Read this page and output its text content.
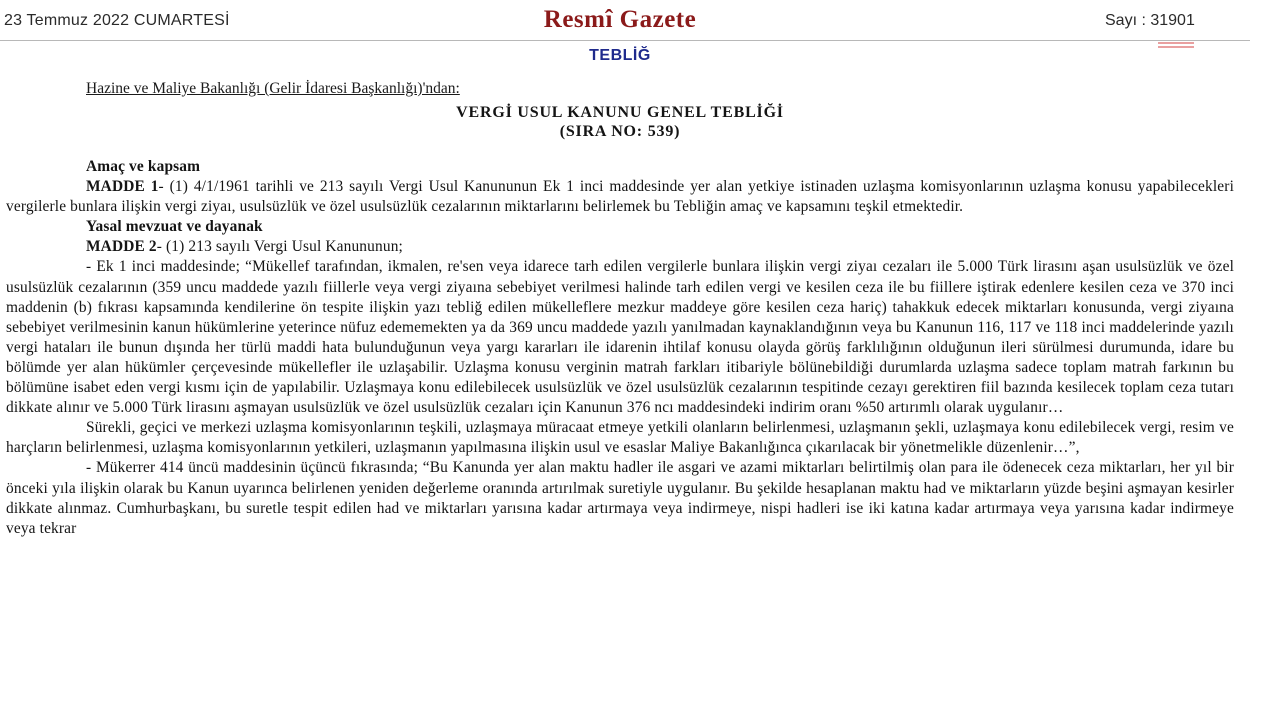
23 Temmuz 2022 CUMARTESİ	Resmî Gazete	Sayı : 31901
TEBLİĞ
Hazine ve Maliye Bakanlığı (Gelir İdaresi Başkanlığı)'ndan:
VERGİ USUL KANUNU GENEL TEBLİĞİ
(SIRA NO: 539)

Amaç ve kapsam

MADDE 1- (1) 4/1/1961 tarihli ve 213 sayılı Vergi Usul Kanununun Ek 1 inci maddesinde yer alan yetkiye istinaden uzlaşma komisyonlarının uzlaşma konusu yapabilecekleri vergilerle bunlara ilişkin vergi ziyaı, usulsüzlük ve özel usulsüzlük cezalarının miktarlarını belirlemek bu Tebliğin amaç ve kapsamını teşkil etmektedir.

Yasal mevzuat ve dayanak

MADDE 2- (1) 213 sayılı Vergi Usul Kanununun;

- Ek 1 inci maddesinde; “Mükellef tarafından, ikmalen, re'sen veya idarece tarh edilen vergilerle bunlara ilişkin vergi ziyaı cezaları ile 5.000 Türk lirasını aşan usulsüzlük ve özel usulsüzlük cezalarının (359 uncu maddede yazılı fiillerle veya vergi ziyaına sebebiyet verilmesi halinde tarh edilen vergi ve kesilen ceza ile bu fiillere iştirak edenlere kesilen ceza ve 370 inci maddenin (b) fıkrası kapsamında kendilerine ön tespite ilişkin yazı tebliğ edilen mükelleflere mezkur maddeye göre kesilen ceza hariç) tahakkuk edecek miktarları konusunda, vergi ziyaına sebebiyet verilmesinin kanun hükümlerine yeterince nüfuz edememekten ya da 369 uncu maddede yazılı yanılmadan kaynaklandığının veya bu Kanunun 116, 117 ve 118 inci maddelerinde yazılı vergi hataları ile bunun dışında her türlü maddi hata bulunduğunun veya yargı kararları ile idarenin ihtilaf konusu olayda görüş farklılığının olduğunun ileri sürülmesi durumunda, idare bu bölümde yer alan hükümler çerçevesinde mükellefler ile uzlaşabilir. Uzlaşma konusu verginin matrah farkları itibariyle bölünebildiği durumlarda uzlaşma sadece toplam matrah farkının bu bölümüne isabet eden vergi kısmı için de yapılabilir. Uzlaşmaya konu edilebilecek usulsüzlük ve özel usulsüzlük cezalarının tespitinde cezayı gerektiren fiil bazında kesilecek toplam ceza tutarı dikkate alınır ve 5.000 Türk lirasını aşmayan usulsüzlük ve özel usulsüzlük cezaları için Kanunun 376 ncı maddesindeki indirim oranı %50 artırımlı olarak uygulanır…

Sürekli, geçici ve merkezi uzlaşma komisyonlarının teşkili, uzlaşmaya müracaat etmeye yetkili olanların belirlenmesi, uzlaşmanın şekli, uzlaşmaya konu edilebilecek vergi, resim ve harçların belirlenmesi, uzlaşma komisyonlarının yetkileri, uzlaşmanın yapılmasına ilişkin usul ve esaslar Maliye Bakanlığınca çıkarılacak bir yönetmelikle düzenlenir…”,

- Mükerrer 414 üncü maddesinin üçüncü fıkrasında; “Bu Kanunda yer alan maktu hadler ile asgari ve azami miktarları belirtilmiş olan para ile ödenecek ceza miktarları, her yıl bir önceki yıla ilişkin olarak bu Kanun uyarınca belirlenen yeniden değerleme oranında artırılmak suretiyle uygulanır. Bu şekilde hesaplanan maktu had ve miktarların yüzde beşini aşmayan kesirler dikkate alınmaz. Cumhurbaşkanı, bu suretle tespit edilen had ve miktarları yarısına kadar artırmaya veya indirmeye, nispi hadleri ise iki katına kadar artırmaya veya yarısına kadar indirmeye veya tekrar
